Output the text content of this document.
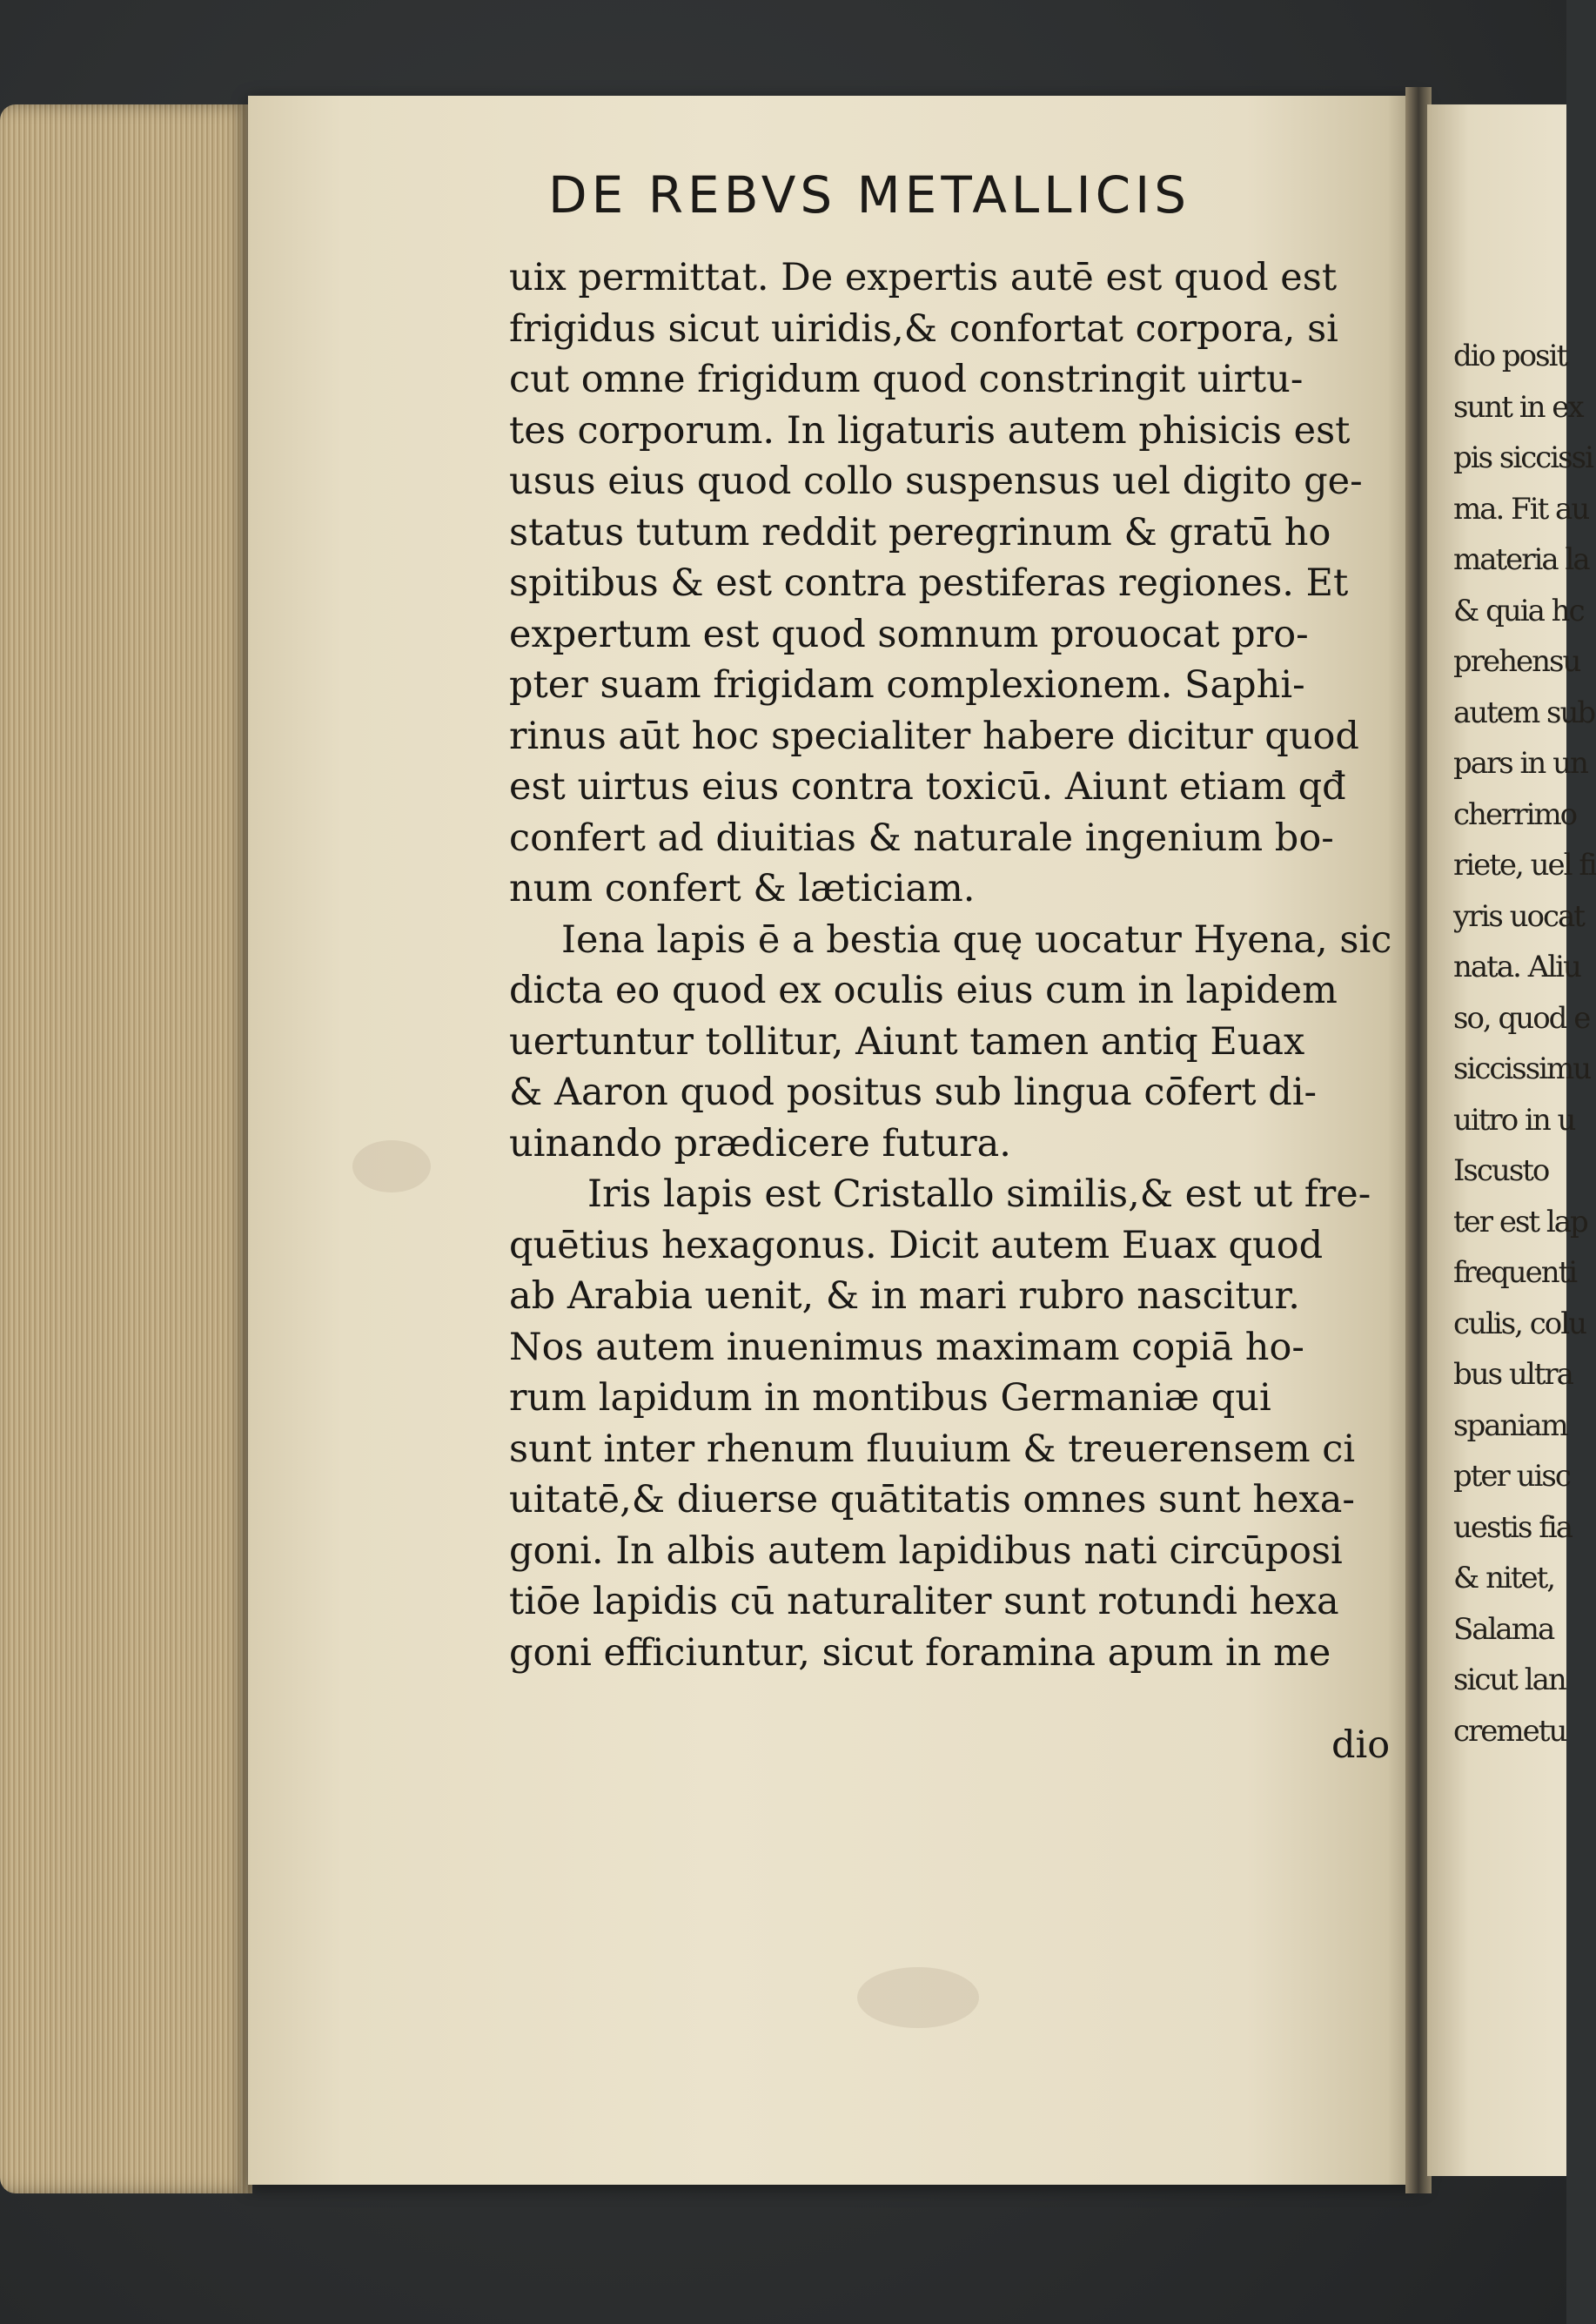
DE REBVS METALLICIS
uix permittat. De expertis autē est quod est
frigidus sicut uiridis,& confortat corpora, si
cut omne frigidum quod constringit uirtu-
tes corporum. In ligaturis autem phisicis est
usus eius quod collo suspensus uel digito ge-
status tutum reddit peregrinum & gratū ho
spitibus & est contra pestiferas regiones. Et
expertum est quod somnum prouocat pro-
pter suam frigidam complexionem. Saphi-
rinus aūt hoc specialiter habere dicitur quod
est uirtus eius contra toxicū. Aiunt etiam qđ
confert ad diuitias & naturale ingenium bo-
num confert & læticiam.
Iena lapis ē a bestia quę uocatur Hyena, sic
dicta eo quod ex oculis eius cum in lapidem
uertuntur tollitur, Aiunt tamen antiq Euax
& Aaron quod positus sub lingua cōfert di-
uinando prædicere futura.
Iris lapis est Cristallo similis,& est ut fre-
quētius hexagonus. Dicit autem Euax quod
ab Arabia uenit, & in mari rubro nascitur.
Nos autem inuenimus maximam copiā ho-
rum lapidum in montibus Germaniæ qui
sunt inter rhenum fluuium & treuerensem ci
uitatē,& diuerse quātitatis omnes sunt hexa-
goni. In albis autem lapidibus nati circūposi
tiōe lapidis cū naturaliter sunt rotundi hexa
goni efficiuntur, sicut foramina apum in me
dio
dio posit
sunt in ex
pis siccissi
ma. Fit au
materia la
& quia hc
prehensu
autem sub
pars in un
cherrimo
riete, uel fi
yris uocat
nata. Aliu
so, quod e
siccissimu
uitro in u
Iscusto
ter est lap
frequenti
culis, colu
bus ultra
spaniam
pter uisc
uestis fia
& nitet,
Salama
sicut lan
cremetu
